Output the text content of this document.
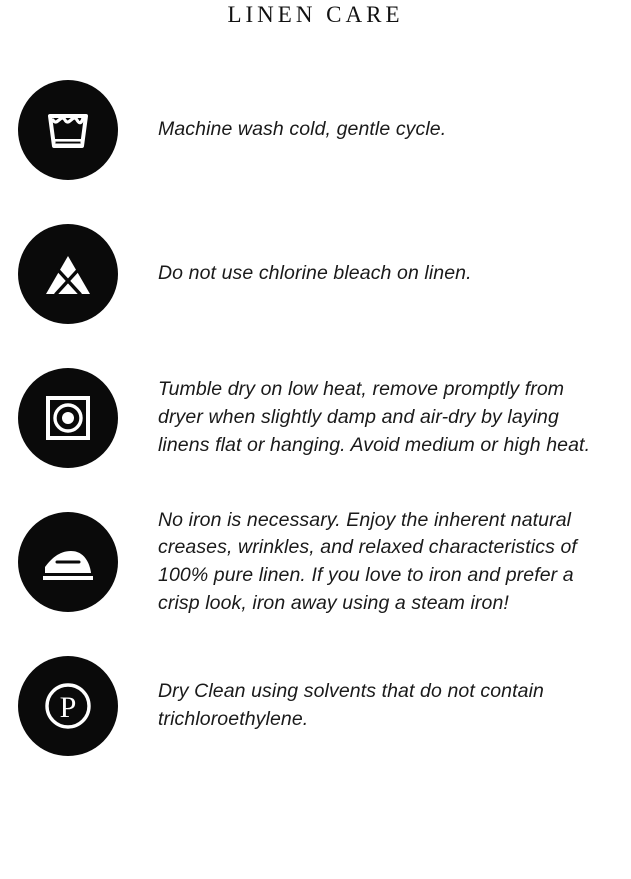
LINEN CARE
Machine wash cold, gentle cycle.
Do not use chlorine bleach on linen.
Tumble dry on low heat, remove promptly from dryer when slightly damp and air-dry by laying linens flat or hanging. Avoid medium or high heat.
No iron is necessary. Enjoy the inherent natural creases, wrinkles, and relaxed characteristics of 100% pure linen. If you love to iron and prefer a crisp look, iron away using a steam iron!
P	Dry Clean using solvents that do not contain trichloroethylene.
